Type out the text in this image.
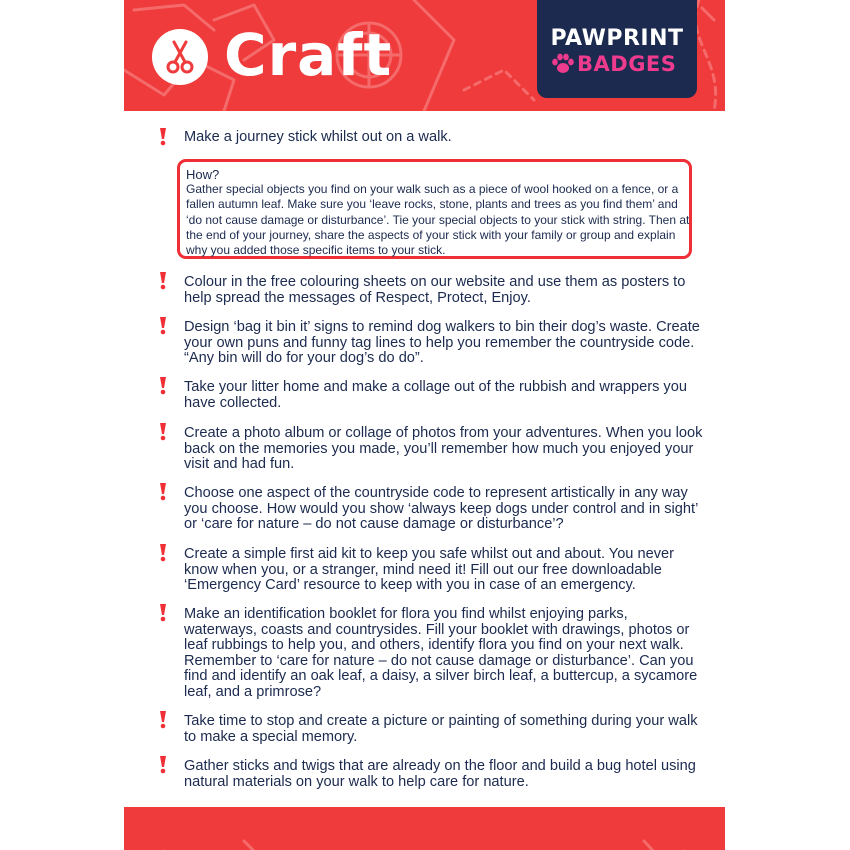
Craft	PAWPRINT
BADGES
Make a journey stick whilst out on a walk.
How?
Gather special objects you find on your walk such as a piece of wool hooked on a fence, or a fallen autumn leaf. Make sure you ‘leave rocks, stone, plants and trees as you find them’ and ‘do not cause damage or disturbance’. Tie your special objects to your stick with string. Then at the end of your journey, share the aspects of your stick with your family or group and explain why you added those specific items to your stick.
Colour in the free colouring sheets on our website and use them as posters to help spread the messages of Respect, Protect, Enjoy.
Design ‘bag it bin it’ signs to remind dog walkers to bin their dog’s waste. Create your own puns and funny tag lines to help you remember the countryside code. “Any bin will do for your dog’s do do”.
Take your litter home and make a collage out of the rubbish and wrappers you have collected.
Create a photo album or collage of photos from your adventures. When you look back on the memories you made, you’ll remember how much you enjoyed your visit and had fun.
Choose one aspect of the countryside code to represent artistically in any way you choose. How would you show ‘always keep dogs under control and in sight’ or ‘care for nature – do not cause damage or disturbance’?
Create a simple first aid kit to keep you safe whilst out and about. You never know when you, or a stranger, mind need it! Fill out our free downloadable ‘Emergency Card’ resource to keep with you in case of an emergency.
Make an identification booklet for flora you find whilst enjoying parks, waterways, coasts and countrysides. Fill your booklet with drawings, photos or leaf rubbings to help you, and others, identify flora you find on your next walk. Remember to ‘care for nature – do not cause damage or disturbance’. Can you find and identify an oak leaf, a daisy, a silver birch leaf, a buttercup, a sycamore leaf, and a primrose?
Take time to stop and create a picture or painting of something during your walk to make a special memory.
Gather sticks and twigs that are already on the floor and build a bug hotel using natural materials on your walk to help care for nature.
